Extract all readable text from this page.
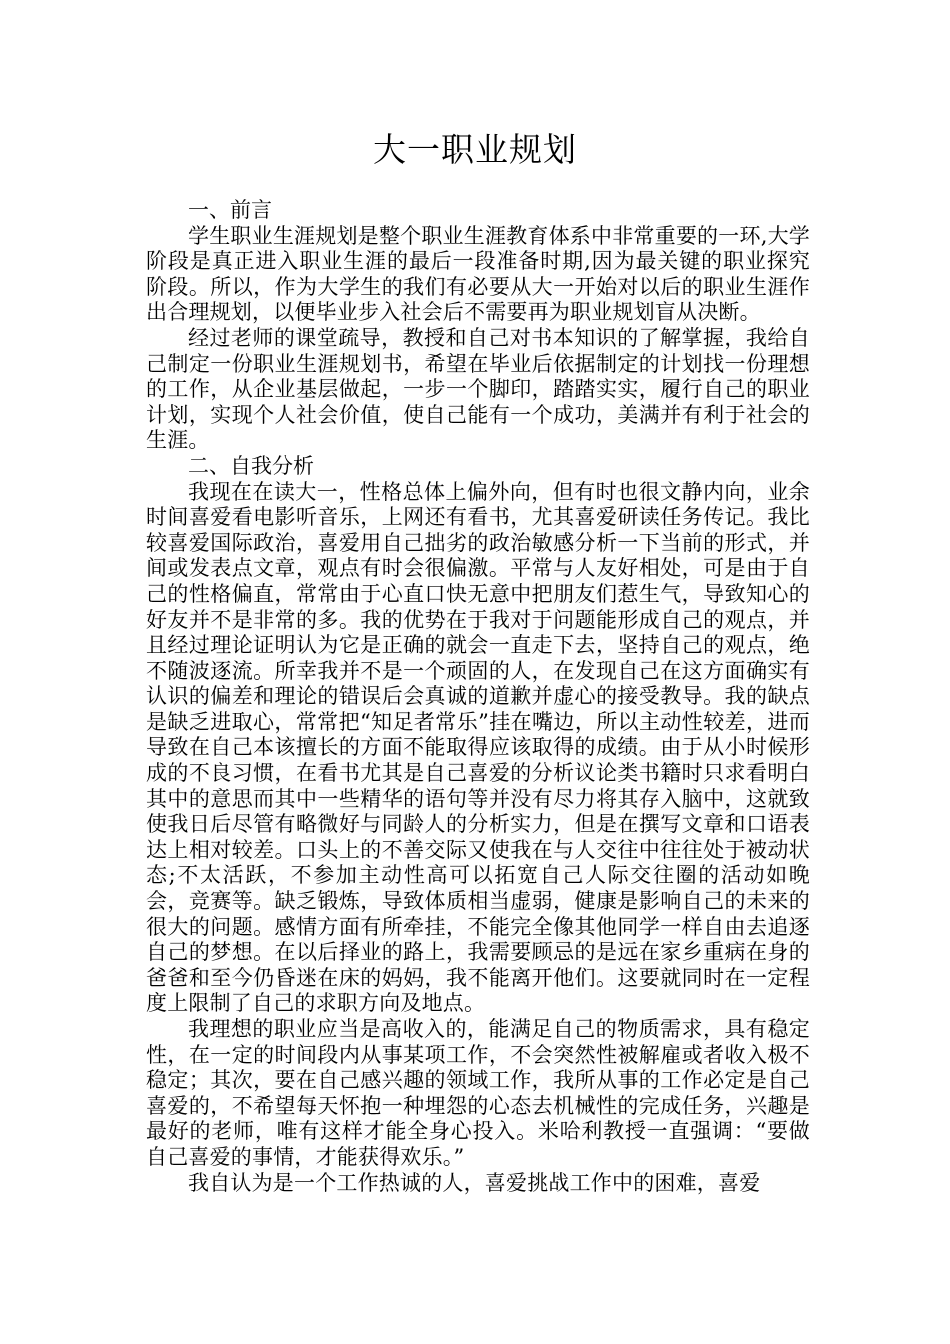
大一职业规划

一、前言

学生职业生涯规划是整个职业生涯教育体系中非常重要的一环,大学阶段是真正进入职业生涯的最后一段准备时期,因为最关键的职业探究阶段。所以，作为大学生的我们有必要从大一开始对以后的职业生涯作出合理规划，以便毕业步入社会后不需要再为职业规划盲从决断。

经过老师的课堂疏导，教授和自己对书本知识的了解掌握，我给自己制定一份职业生涯规划书，希望在毕业后依据制定的计划找一份理想的工作，从企业基层做起，一步一个脚印，踏踏实实，履行自己的职业计划，实现个人社会价值，使自己能有一个成功，美满并有利于社会的生涯。

二、自我分析

我现在在读大一，性格总体上偏外向，但有时也很文静内向，业余时间喜爱看电影听音乐，上网还有看书，尤其喜爱研读任务传记。我比较喜爱国际政治，喜爱用自己拙劣的政治敏感分析一下当前的形式，并间或发表点文章，观点有时会很偏激。平常与人友好相处，可是由于自己的性格偏直，常常由于心直口快无意中把朋友们惹生气，导致知心的好友并不是非常的多。我的优势在于我对于问题能形成自己的观点，并且经过理论证明认为它是正确的就会一直走下去，坚持自己的观点，绝不随波逐流。所幸我并不是一个顽固的人，在发现自己在这方面确实有认识的偏差和理论的错误后会真诚的道歉并虚心的接受教导。我的缺点是缺乏进取心，常常把“知足者常乐”挂在嘴边，所以主动性较差，进而导致在自己本该擅长的方面不能取得应该取得的成绩。由于从小时候形成的不良习惯，在看书尤其是自己喜爱的分析议论类书籍时只求看明白其中的意思而其中一些精华的语句等并没有尽力将其存入脑中，这就致使我日后尽管有略微好与同龄人的分析实力，但是在撰写文章和口语表达上相对较差。口头上的不善交际又使我在与人交往中往往处于被动状态;不太活跃，不参加主动性高可以拓宽自己人际交往圈的活动如晚会，竞赛等。缺乏锻炼，导致体质相当虚弱，健康是影响自己的未来的很大的问题。感情方面有所牵挂，不能完全像其他同学一样自由去追逐自己的梦想。在以后择业的路上，我需要顾忌的是远在家乡重病在身的爸爸和至今仍昏迷在床的妈妈，我不能离开他们。这要就同时在一定程度上限制了自己的求职方向及地点。

我理想的职业应当是高收入的，能满足自己的物质需求，具有稳定性，在一定的时间段内从事某项工作，不会突然性被解雇或者收入极不稳定；其次，要在自己感兴趣的领域工作，我所从事的工作必定是自己喜爱的，不希望每天怀抱一种埋怨的心态去机械性的完成任务，兴趣是最好的老师，唯有这样才能全身心投入。米哈利教授一直强调：“要做自己喜爱的事情，才能获得欢乐。”

我自认为是一个工作热诚的人，喜爱挑战工作中的困难，喜爱
